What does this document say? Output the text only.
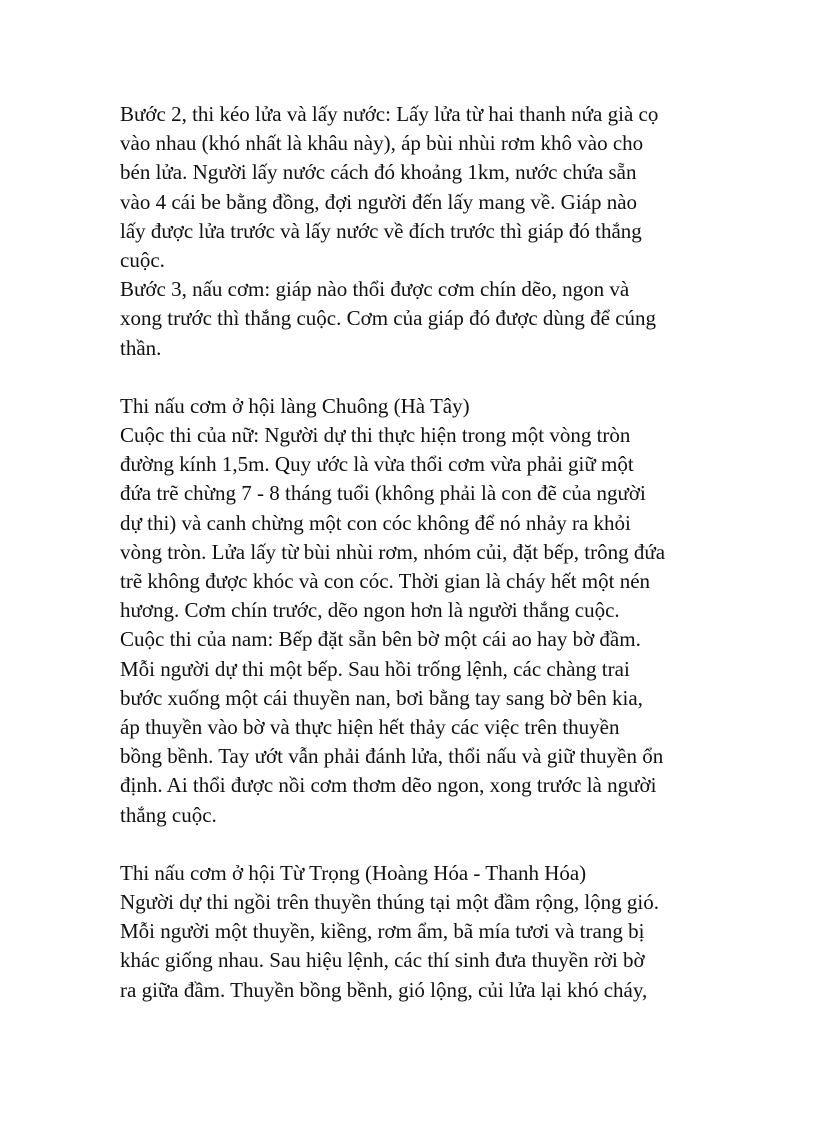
Bước 2, thi kéo lửa và lấy nước: Lấy lửa từ hai thanh nứa già cọ
vào nhau (khó nhất là khâu này), áp bùi nhùi rơm khô vào cho
bén lửa. Người lấy nước cách đó khoảng 1km, nước chứa sẵn
vào 4 cái be bằng đồng, đợi người đến lấy mang về. Giáp nào
lấy được lửa trước và lấy nước về đích trước thì giáp đó thắng
cuộc.
Bước 3, nấu cơm: giáp nào thổi được cơm chín dẽo, ngon và
xong trước thì thắng cuộc. Cơm của giáp đó được dùng để cúng
thần.
Thi nấu cơm ở hội làng Chuông (Hà Tây)
Cuộc thi của nữ: Người dự thi thực hiện trong một vòng tròn
đường kính 1,5m. Quy ước là vừa thổi cơm vừa phải giữ một
đứa trẽ chừng 7 - 8 tháng tuổi (không phải là con đẽ của người
dự thi) và canh chừng một con cóc không để nó nhảy ra khỏi
vòng tròn. Lửa lấy từ bùi nhùi rơm, nhóm củi, đặt bếp, trông đứa
trẽ không được khóc và con cóc. Thời gian là cháy hết một nén
hương. Cơm chín trước, dẽo ngon hơn là người thắng cuộc.
Cuộc thi của nam: Bếp đặt sẵn bên bờ một cái ao hay bờ đầm.
Mỗi người dự thi một bếp. Sau hồi trống lệnh, các chàng trai
bước xuống một cái thuyền nan, bơi bằng tay sang bờ bên kia,
áp thuyền vào bờ và thực hiện hết thảy các việc trên thuyền
bồng bềnh. Tay ướt vẫn phải đánh lửa, thổi nấu và giữ thuyền ổn
định. Ai thổi được nồi cơm thơm dẽo ngon, xong trước là người
thắng cuộc.
Thi nấu cơm ở hội Từ Trọng (Hoàng Hóa - Thanh Hóa)
Người dự thi ngồi trên thuyền thúng tại một đầm rộng, lộng gió.
Mỗi người một thuyền, kiềng, rơm ẩm, bã mía tươi và trang bị
khác giống nhau. Sau hiệu lệnh, các thí sinh đưa thuyền rời bờ
ra giữa đầm. Thuyền bồng bềnh, gió lộng, củi lửa lại khó cháy,
